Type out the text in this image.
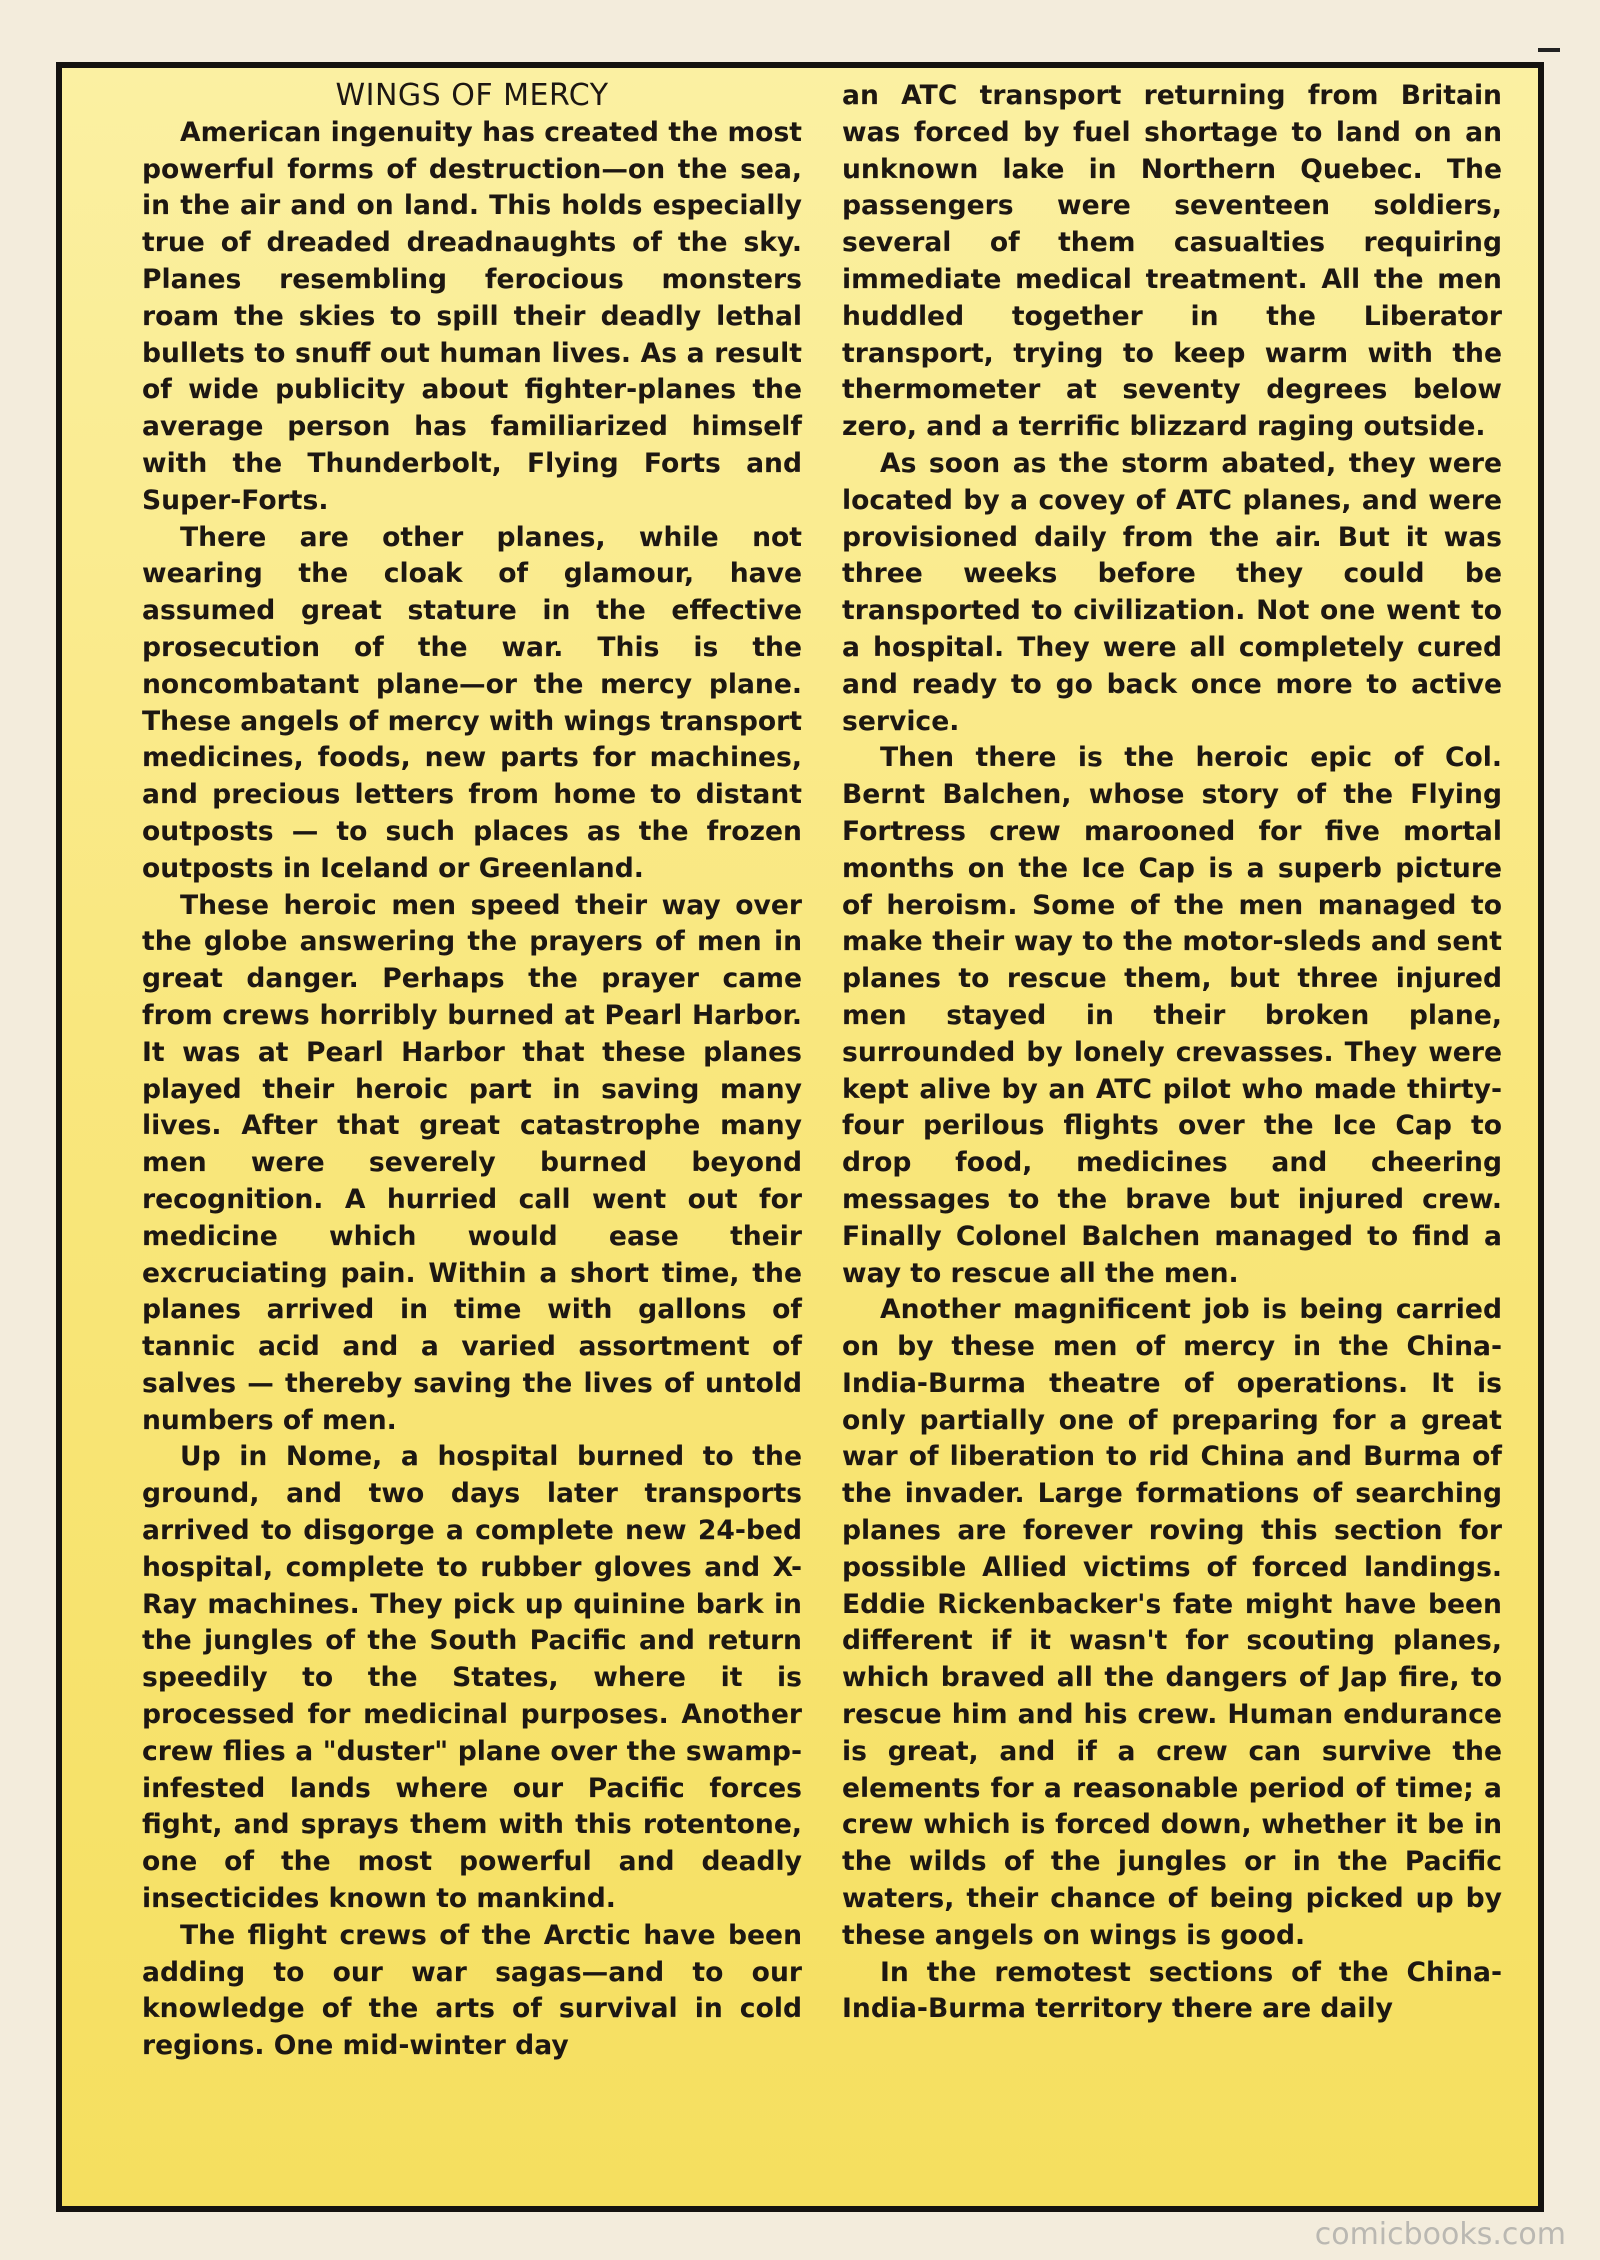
WINGS OF MERCY

American ingenuity has created the most powerful forms of destruction—on the sea, in the air and on land. This holds especially true of dreaded dreadnaughts of the sky. Planes resembling ferocious monsters roam the skies to spill their deadly lethal bullets to snuff out human lives. As a result of wide publicity about fighter-planes the average person has familiarized himself with the Thunderbolt, Flying Forts and Super-Forts.

There are other planes, while not wearing the cloak of glamour, have assumed great stature in the effective prosecution of the war. This is the noncombatant plane—or the mercy plane. These angels of mercy with wings transport medicines, foods, new parts for machines, and precious letters from home to distant outposts — to such places as the frozen outposts in Iceland or Greenland.

These heroic men speed their way over the globe answering the prayers of men in great danger. Perhaps the prayer came from crews horribly burned at Pearl Harbor. It was at Pearl Harbor that these planes played their heroic part in saving many lives. After that great catastrophe many men were severely burned beyond recognition. A hurried call went out for medicine which would ease their excruciating pain. Within a short time, the planes arrived in time with gallons of tannic acid and a varied assortment of salves — thereby saving the lives of untold numbers of men.

Up in Nome, a hospital burned to the ground, and two days later transports arrived to disgorge a complete new 24-bed hospital, complete to rubber gloves and X-Ray machines. They pick up quinine bark in the jungles of the South Pacific and return speedily to the States, where it is processed for medicinal purposes. Another crew flies a "duster" plane over the swamp-infested lands where our Pacific forces fight, and sprays them with this rotentone, one of the most powerful and deadly insecticides known to mankind.

The flight crews of the Arctic have been adding to our war sagas—and to our knowledge of the arts of survival in cold regions. One mid-winter day

an ATC transport returning from Britain was forced by fuel shortage to land on an unknown lake in Northern Quebec. The passengers were seventeen soldiers, several of them casualties requiring immediate medical treatment. All the men huddled together in the Liberator transport, trying to keep warm with the thermometer at seventy degrees below zero, and a terrific blizzard raging outside.

As soon as the storm abated, they were located by a covey of ATC planes, and were provisioned daily from the air. But it was three weeks before they could be transported to civilization. Not one went to a hospital. They were all completely cured and ready to go back once more to active service.

Then there is the heroic epic of Col. Bernt Balchen, whose story of the Flying Fortress crew marooned for five mortal months on the Ice Cap is a superb picture of heroism. Some of the men managed to make their way to the motor-sleds and sent planes to rescue them, but three injured men stayed in their broken plane, surrounded by lonely crevasses. They were kept alive by an ATC pilot who made thirty-four perilous flights over the Ice Cap to drop food, medicines and cheering messages to the brave but injured crew. Finally Colonel Balchen managed to find a way to rescue all the men.

Another magnificent job is being carried on by these men of mercy in the China-India-Burma theatre of operations. It is only partially one of preparing for a great war of liberation to rid China and Burma of the invader. Large formations of searching planes are forever roving this section for possible Allied victims of forced landings. Eddie Rickenbacker's fate might have been different if it wasn't for scouting planes, which braved all the dangers of Jap fire, to rescue him and his crew. Human endurance is great, and if a crew can survive the elements for a reasonable period of time; a crew which is forced down, whether it be in the wilds of the jungles or in the Pacific waters, their chance of being picked up by these angels on wings is good.

In the remotest sections of the China-India-Burma territory there are daily

comicbooks.com
